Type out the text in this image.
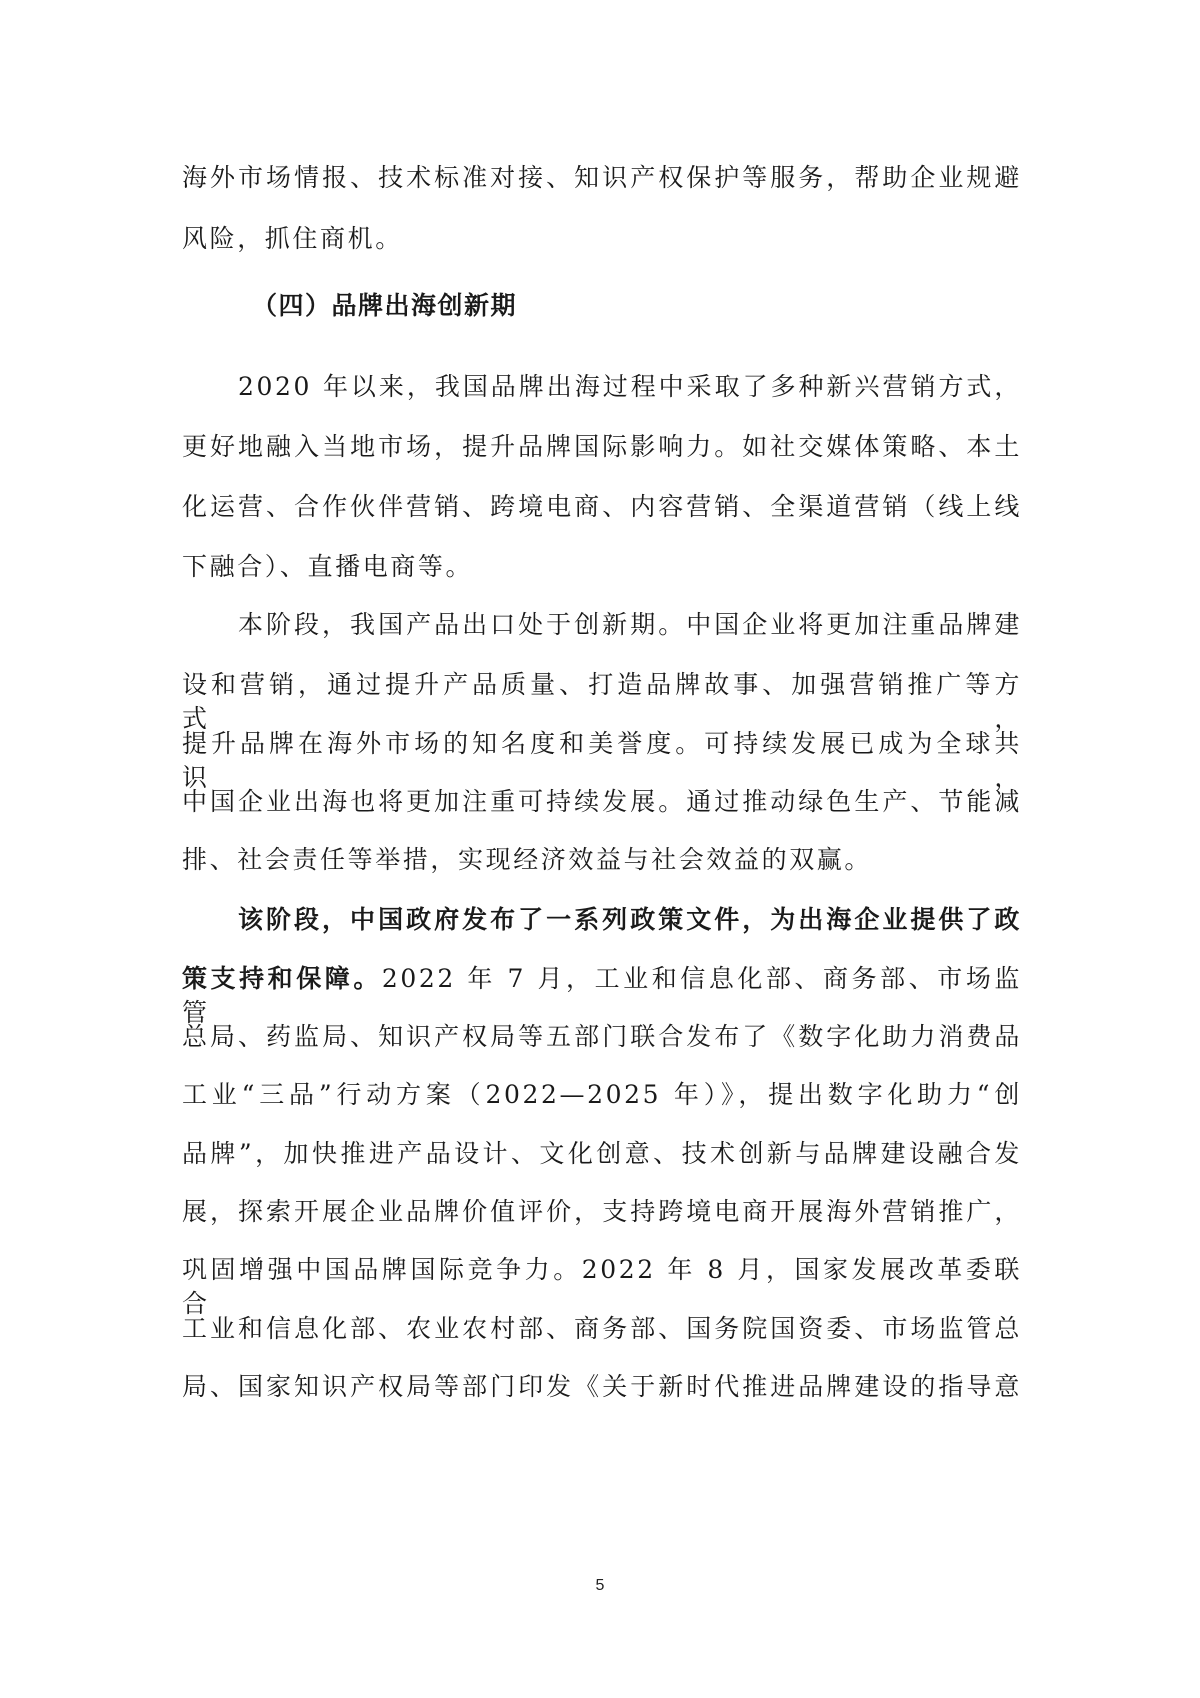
海外市场情报、技术标准对接、知识产权保护等服务，帮助企业规避
风险，抓住商机。
（四）品牌出海创新期
2020 年以来，我国品牌出海过程中采取了多种新兴营销方式，
更好地融入当地市场，提升品牌国际影响力。如社交媒体策略、本土
化运营、合作伙伴营销、跨境电商、内容营销、全渠道营销（线上线
下融合）、直播电商等。
本阶段，我国产品出口处于创新期。中国企业将更加注重品牌建
设和营销，通过提升产品质量、打造品牌故事、加强营销推广等方式，
提升品牌在海外市场的知名度和美誉度。可持续发展已成为全球共识，
中国企业出海也将更加注重可持续发展。通过推动绿色生产、节能减
排、社会责任等举措，实现经济效益与社会效益的双赢。
该阶段，中国政府发布了一系列政策文件，为出海企业提供了政
策支持和保障。2022 年 7 月，工业和信息化部、商务部、市场监管
总局、药监局、知识产权局等五部门联合发布了《数字化助力消费品
工业“三品”行动方案（2022—2025 年）》，提出数字化助力“创
品牌”，加快推进产品设计、文化创意、技术创新与品牌建设融合发
展，探索开展企业品牌价值评价，支持跨境电商开展海外营销推广，
巩固增强中国品牌国际竞争力。2022 年 8 月，国家发展改革委联合
工业和信息化部、农业农村部、商务部、国务院国资委、市场监管总
局、国家知识产权局等部门印发《关于新时代推进品牌建设的指导意
5
